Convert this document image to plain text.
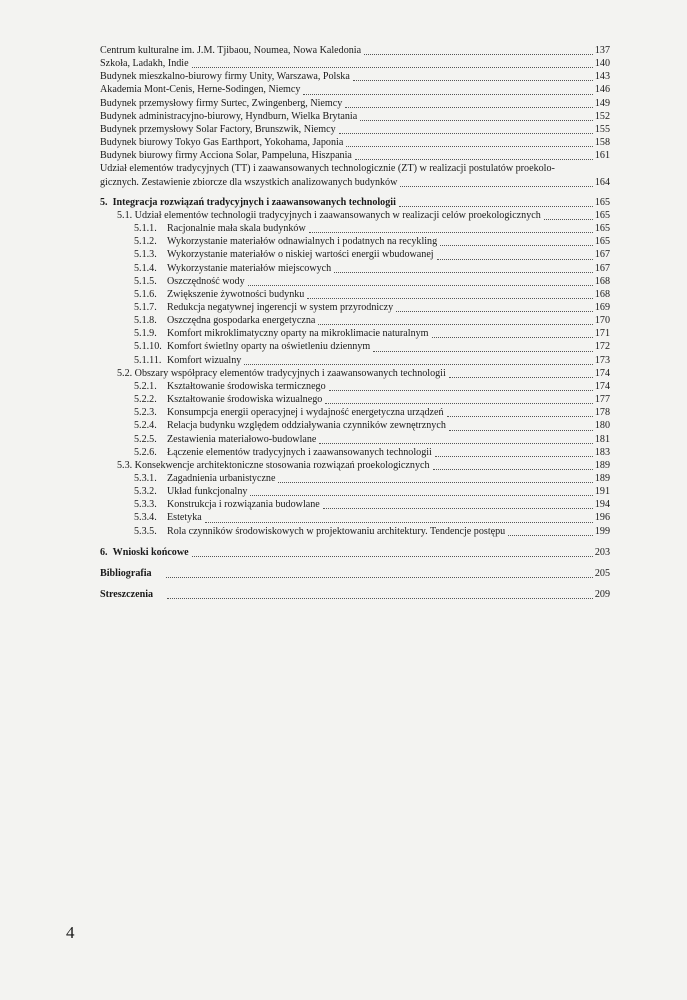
Centrum kulturalne im. J.M. Tjibaou, Noumea, Nowa Kaledonia	137
Szkoła, Ladakh, Indie	140
Budynek mieszkalno-biurowy firmy Unity, Warszawa, Polska	143
Akademia Mont-Cenis, Herne-Sodingen, Niemcy	146
Budynek przemysłowy firmy Surtec, Zwingenberg, Niemcy	149
Budynek administracyjno-biurowy, Hyndburn, Wielka Brytania	152
Budynek przemysłowy Solar Factory, Brunszwik, Niemcy	155
Budynek biurowy Tokyo Gas Earthport, Yokohama, Japonia	158
Budynek biurowy firmy Acciona Solar, Pampeluna, Hiszpania	161
Udział elementów tradycyjnych (TT) i zaawansowanych technologicznie (ZT) w realizacji postulatów proekolo-
gicznych. Zestawienie zbiorcze dla wszystkich analizowanych budynków	164
5. Integracja rozwiązań tradycyjnych i zaawansowanych technologii	165
5.1. Udział elementów technologii tradycyjnych i zaawansowanych w realizacji celów proekologicznych	165
5.1.1. Racjonalnie mała skala budynków	165
5.1.2. Wykorzystanie materiałów odnawialnych i podatnych na recykling	165
5.1.3. Wykorzystanie materiałów o niskiej wartości energii wbudowanej	167
5.1.4. Wykorzystanie materiałów miejscowych	167
5.1.5. Oszczędność wody	168
5.1.6. Zwiększenie żywotności budynku	168
5.1.7. Redukcja negatywnej ingerencji w system przyrodniczy	169
5.1.8. Oszczędna gospodarka energetyczna	170
5.1.9. Komfort mikroklimatyczny oparty na mikroklimacie naturalnym	171
5.1.10. Komfort świetlny oparty na oświetleniu dziennym	172
5.1.11. Komfort wizualny	173
5.2. Obszary współpracy elementów tradycyjnych i zaawansowanych technologii	174
5.2.1. Kształtowanie środowiska termicznego	174
5.2.2. Kształtowanie środowiska wizualnego	177
5.2.3. Konsumpcja energii operacyjnej i wydajność energetyczna urządzeń	178
5.2.4. Relacja budynku względem oddziaływania czynników zewnętrznych	180
5.2.5. Zestawienia materiałowo-budowlane	181
5.2.6. Łączenie elementów tradycyjnych i zaawansowanych technologii	183
5.3. Konsekwencje architektoniczne stosowania rozwiązań proekologicznych	189
5.3.1. Zagadnienia urbanistyczne	189
5.3.2. Układ funkcjonalny	191
5.3.3. Konstrukcja i rozwiązania budowlane	194
5.3.4. Estetyka	196
5.3.5. Rola czynników środowiskowych w projektowaniu architektury. Tendencje postępu	199
6. Wnioski końcowe	203
Bibliografia	205
Streszczenia	209
4
